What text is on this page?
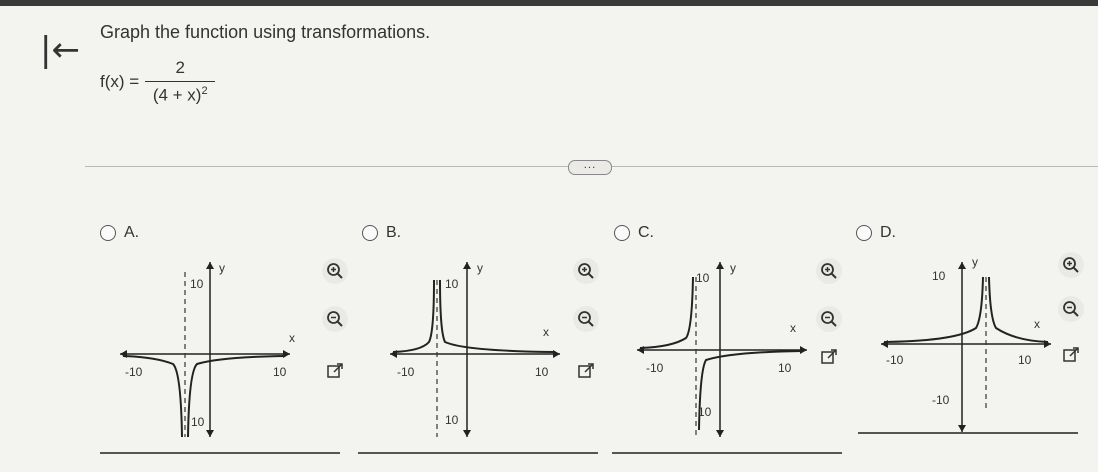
|← Graph the function using transformations.
$f(x) = \frac{2}{(4 + x)^2}$
...
A.	B.	C.	D.
10
10
-10	10
x
y
10
10
-10	10
x
y
10
10
-10	10
x
y
10
-10
-10	10
x
y
